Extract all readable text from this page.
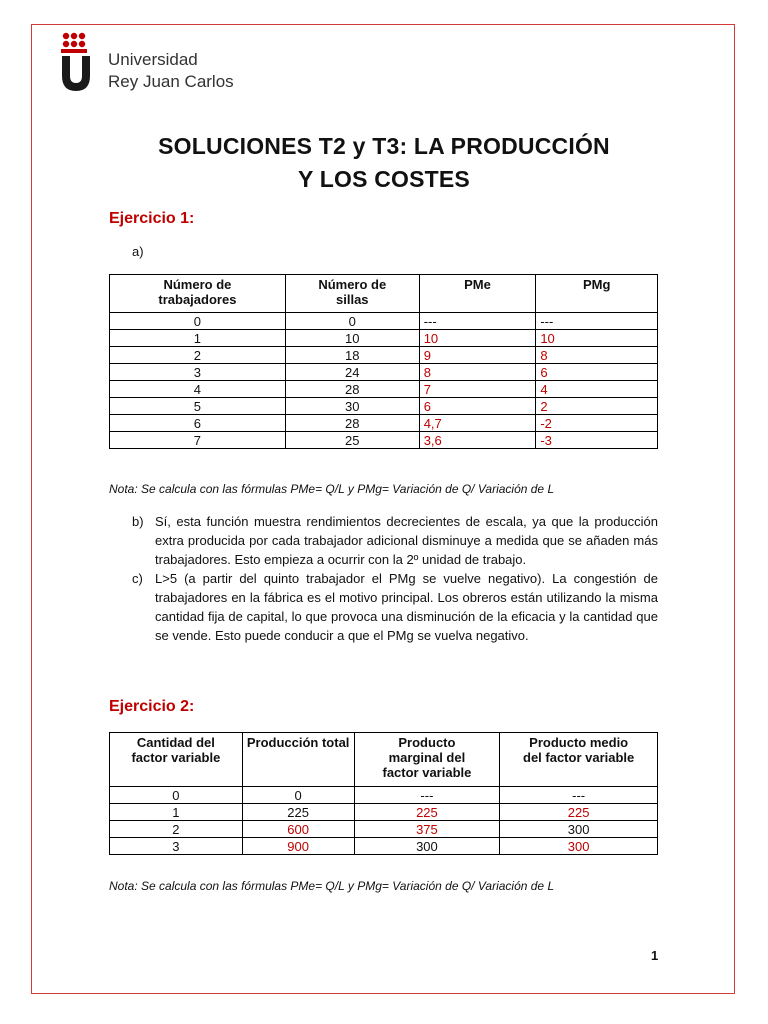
Universidad
Rey Juan Carlos
SOLUCIONES T2 y T3: LA PRODUCCIÓN
Y LOS COSTES
Ejercicio 1:
a)
Número de trabajadores	Número de sillas	PMe	PMg
0	0	---	---
1	10	10	10
2	18	9	8
3	24	8	6
4	28	7	4
5	30	6	2
6	28	4,7	-2
7	25	3,6	-3
Nota: Se calcula con las fórmulas PMe= Q/L y PMg= Variación de Q/ Variación de L
b) Sí, esta función muestra rendimientos decrecientes de escala, ya que la producción extra producida por cada trabajador adicional disminuye a medida que se añaden más trabajadores. Esto empieza a ocurrir con la 2º unidad de trabajo.
c) L>5 (a partir del quinto trabajador el PMg se vuelve negativo). La congestión de trabajadores en la fábrica es el motivo principal. Los obreros están utilizando la misma cantidad fija de capital, lo que provoca una disminución de la eficacia y la cantidad que se vende. Esto puede conducir a que el PMg se vuelva negativo.
Ejercicio 2:
Cantidad del factor variable	Producción total	Producto marginal del factor variable	Producto medio del factor variable
0	0	---	---
1	225	225	225
2	600	375	300
3	900	300	300
Nota: Se calcula con las fórmulas PMe= Q/L y PMg= Variación de Q/ Variación de L
1
